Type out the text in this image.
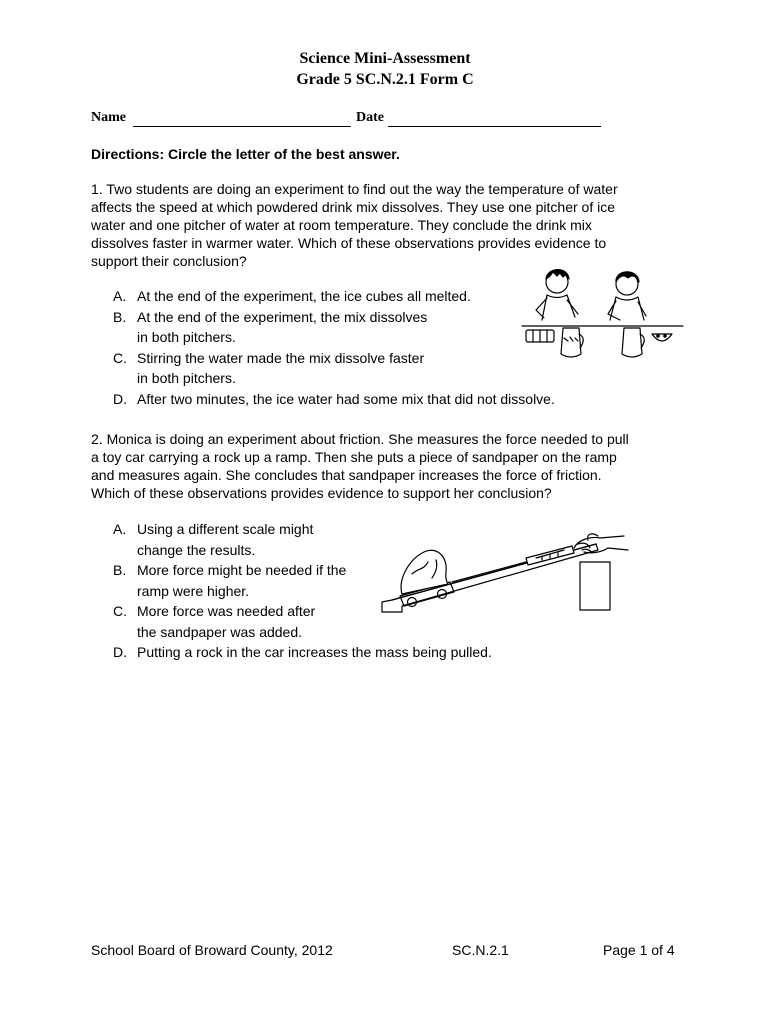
Science Mini-Assessment
Grade 5 SC.N.2.1 Form C
Name	Date
Directions: Circle the letter of the best answer.
1. Two students are doing an experiment to find out the way the temperature of water
affects the speed at which powdered drink mix dissolves. They use one pitcher of ice
water and one pitcher of water at room temperature. They conclude the drink mix
dissolves faster in warmer water. Which of these observations provides evidence to
support their conclusion?
A. At the end of the experiment, the ice cubes all melted.
B. At the end of the experiment, the mix dissolves
in both pitchers.
C. Stirring the water made the mix dissolve faster
in both pitchers.
D. After two minutes, the ice water had some mix that did not dissolve.
2. Monica is doing an experiment about friction. She measures the force needed to pull
a toy car carrying a rock up a ramp. Then she puts a piece of sandpaper on the ramp
and measures again. She concludes that sandpaper increases the force of friction.
Which of these observations provides evidence to support her conclusion?
A. Using a different scale might
change the results.
B. More force might be needed if the
ramp were higher.
C. More force was needed after
the sandpaper was added.
D. Putting a rock in the car increases the mass being pulled.
School Board of Broward County, 2012	SC.N.2.1	Page 1 of 4
